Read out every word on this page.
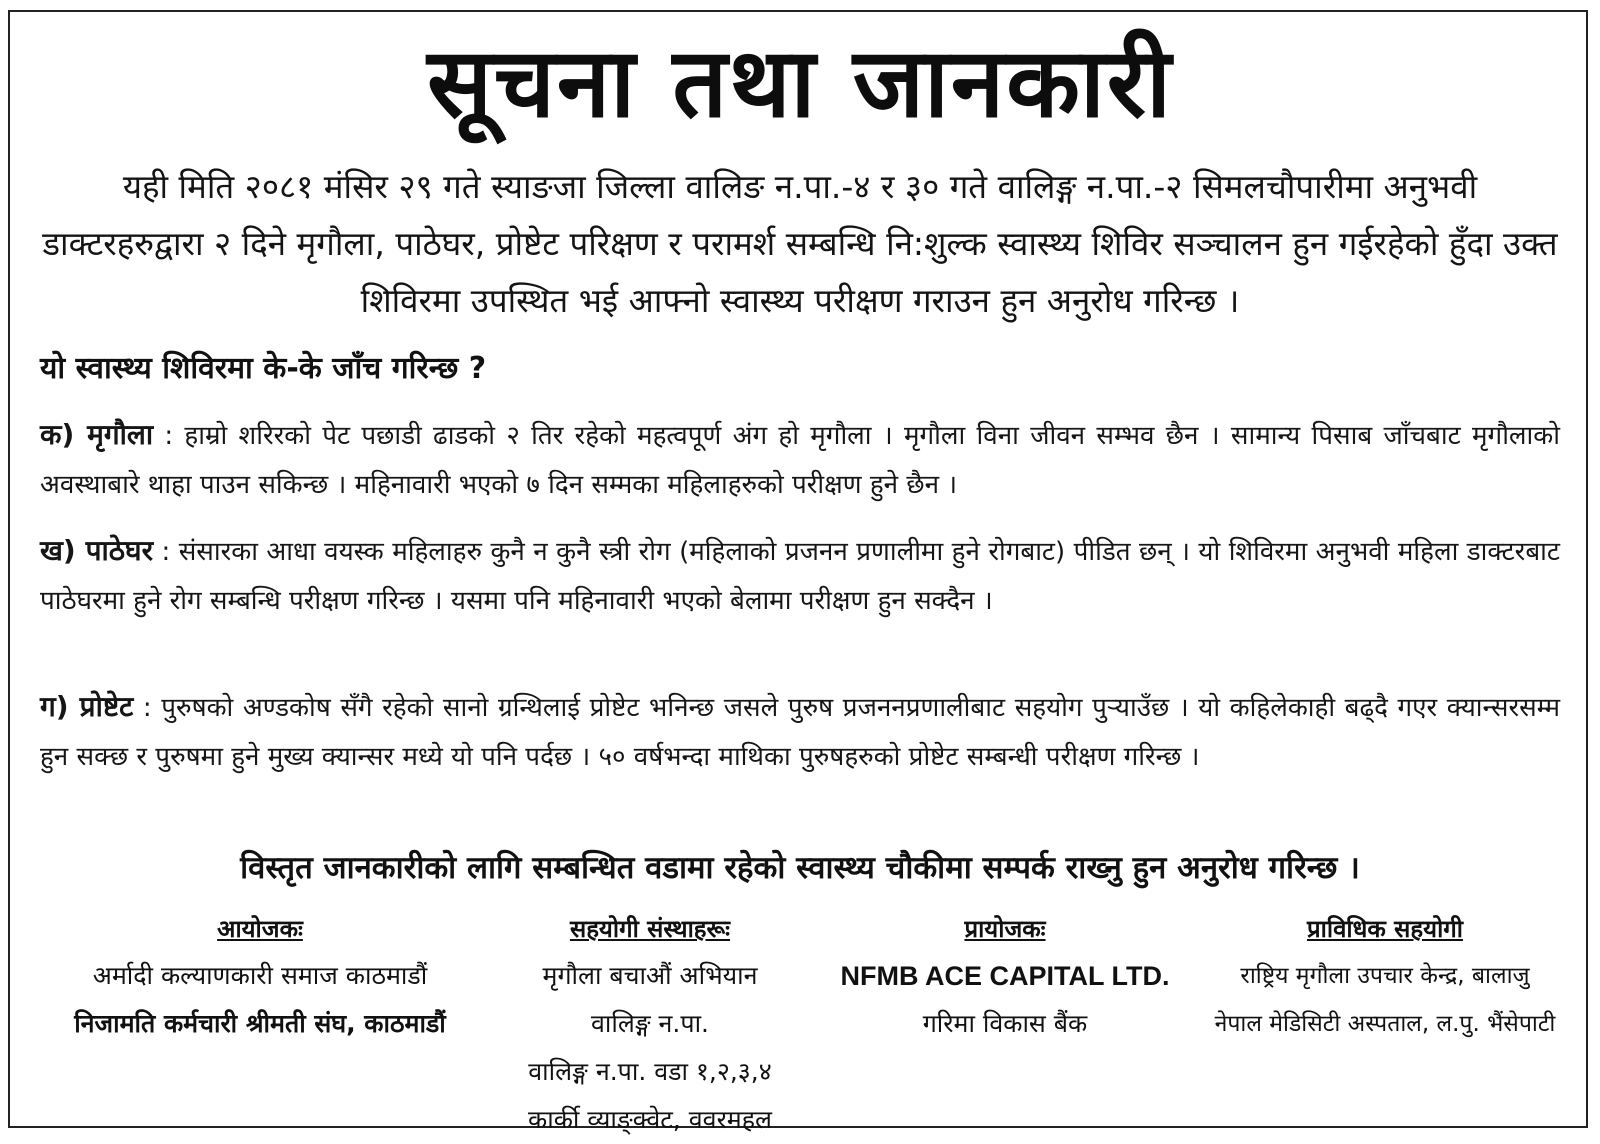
सूचना तथा जानकारी
यही मिति २०८१ मंसिर २९ गते स्याङजा जिल्ला वालिङ न.पा.-४ र ३० गते वालिङ्ग न.पा.-२ सिमलचौपारीमा अनुभवी डाक्टरहरुद्वारा २ दिने मृगौला, पाठेघर, प्रोष्टेट परिक्षण र परामर्श सम्बन्धि नि:शुल्क स्वास्थ्य शिविर सञ्चालन हुन गईरहेको हुँदा उक्त शिविरमा उपस्थित भई आफ्नो स्वास्थ्य परीक्षण गराउन हुन अनुरोध गरिन्छ ।
यो स्वास्थ्य शिविरमा के-के जाँच गरिन्छ ?
क) मृगौला : हाम्रो शरिरको पेट पछाडी ढाडको २ तिर रहेको महत्वपूर्ण अंग हो मृगौला । मृगौला विना जीवन सम्भव छैन । सामान्य पिसाब जाँचबाट मृगौलाको अवस्थाबारे थाहा पाउन सकिन्छ । महिनावारी भएको ७ दिन सम्मका महिलाहरुको परीक्षण हुने छैन ।
ख) पाठेघर : संसारका आधा वयस्क महिलाहरु कुनै न कुनै स्त्री रोग (महिलाको प्रजनन प्रणालीमा हुने रोगबाट) पीडित छन् । यो शिविरमा अनुभवी महिला डाक्टरबाट पाठेघरमा हुने रोग सम्बन्धि परीक्षण गरिन्छ । यसमा पनि महिनावारी भएको बेलामा परीक्षण हुन सक्दैन ।
ग) प्रोष्टेट : पुरुषको अण्डकोष सँगै रहेको सानो ग्रन्थिलाई प्रोष्टेट भनिन्छ जसले पुरुष प्रजननप्रणालीबाट सहयोग पुर्‍याउँछ । यो कहिलेकाही बढ्दै गएर क्यान्सरसम्म हुन सक्छ र पुरुषमा हुने मुख्य क्यान्सर मध्ये यो पनि पर्दछ । ५० वर्षभन्दा माथिका पुरुषहरुको प्रोष्टेट सम्बन्धी परीक्षण गरिन्छ ।
विस्तृत जानकारीको लागि सम्बन्धित वडामा रहेको स्वास्थ्य चौकीमा सम्पर्क राख्नु हुन अनुरोध गरिन्छ ।
आयोजकः
अर्मादी कल्याणकारी समाज काठमाडौं
निजामति कर्मचारी श्रीमती संघ, काठमाडौं
सहयोगी संस्थाहरूः
मृगौला बचाऔं अभियान
वालिङ्ग न.पा.
वालिङ्ग न.पा. वडा १,२,३,४
कार्की व्याङ्क्वेट, ववरमहल
प्रायोजकः
NFMB ACE CAPITAL LTD.
गरिमा विकास बैंक
प्राविधिक सहयोगी
राष्ट्रिय मृगौला उपचार केन्द्र, बालाजु
नेपाल मेडिसिटी अस्पताल, ल.पु. भैंसेपाटी
